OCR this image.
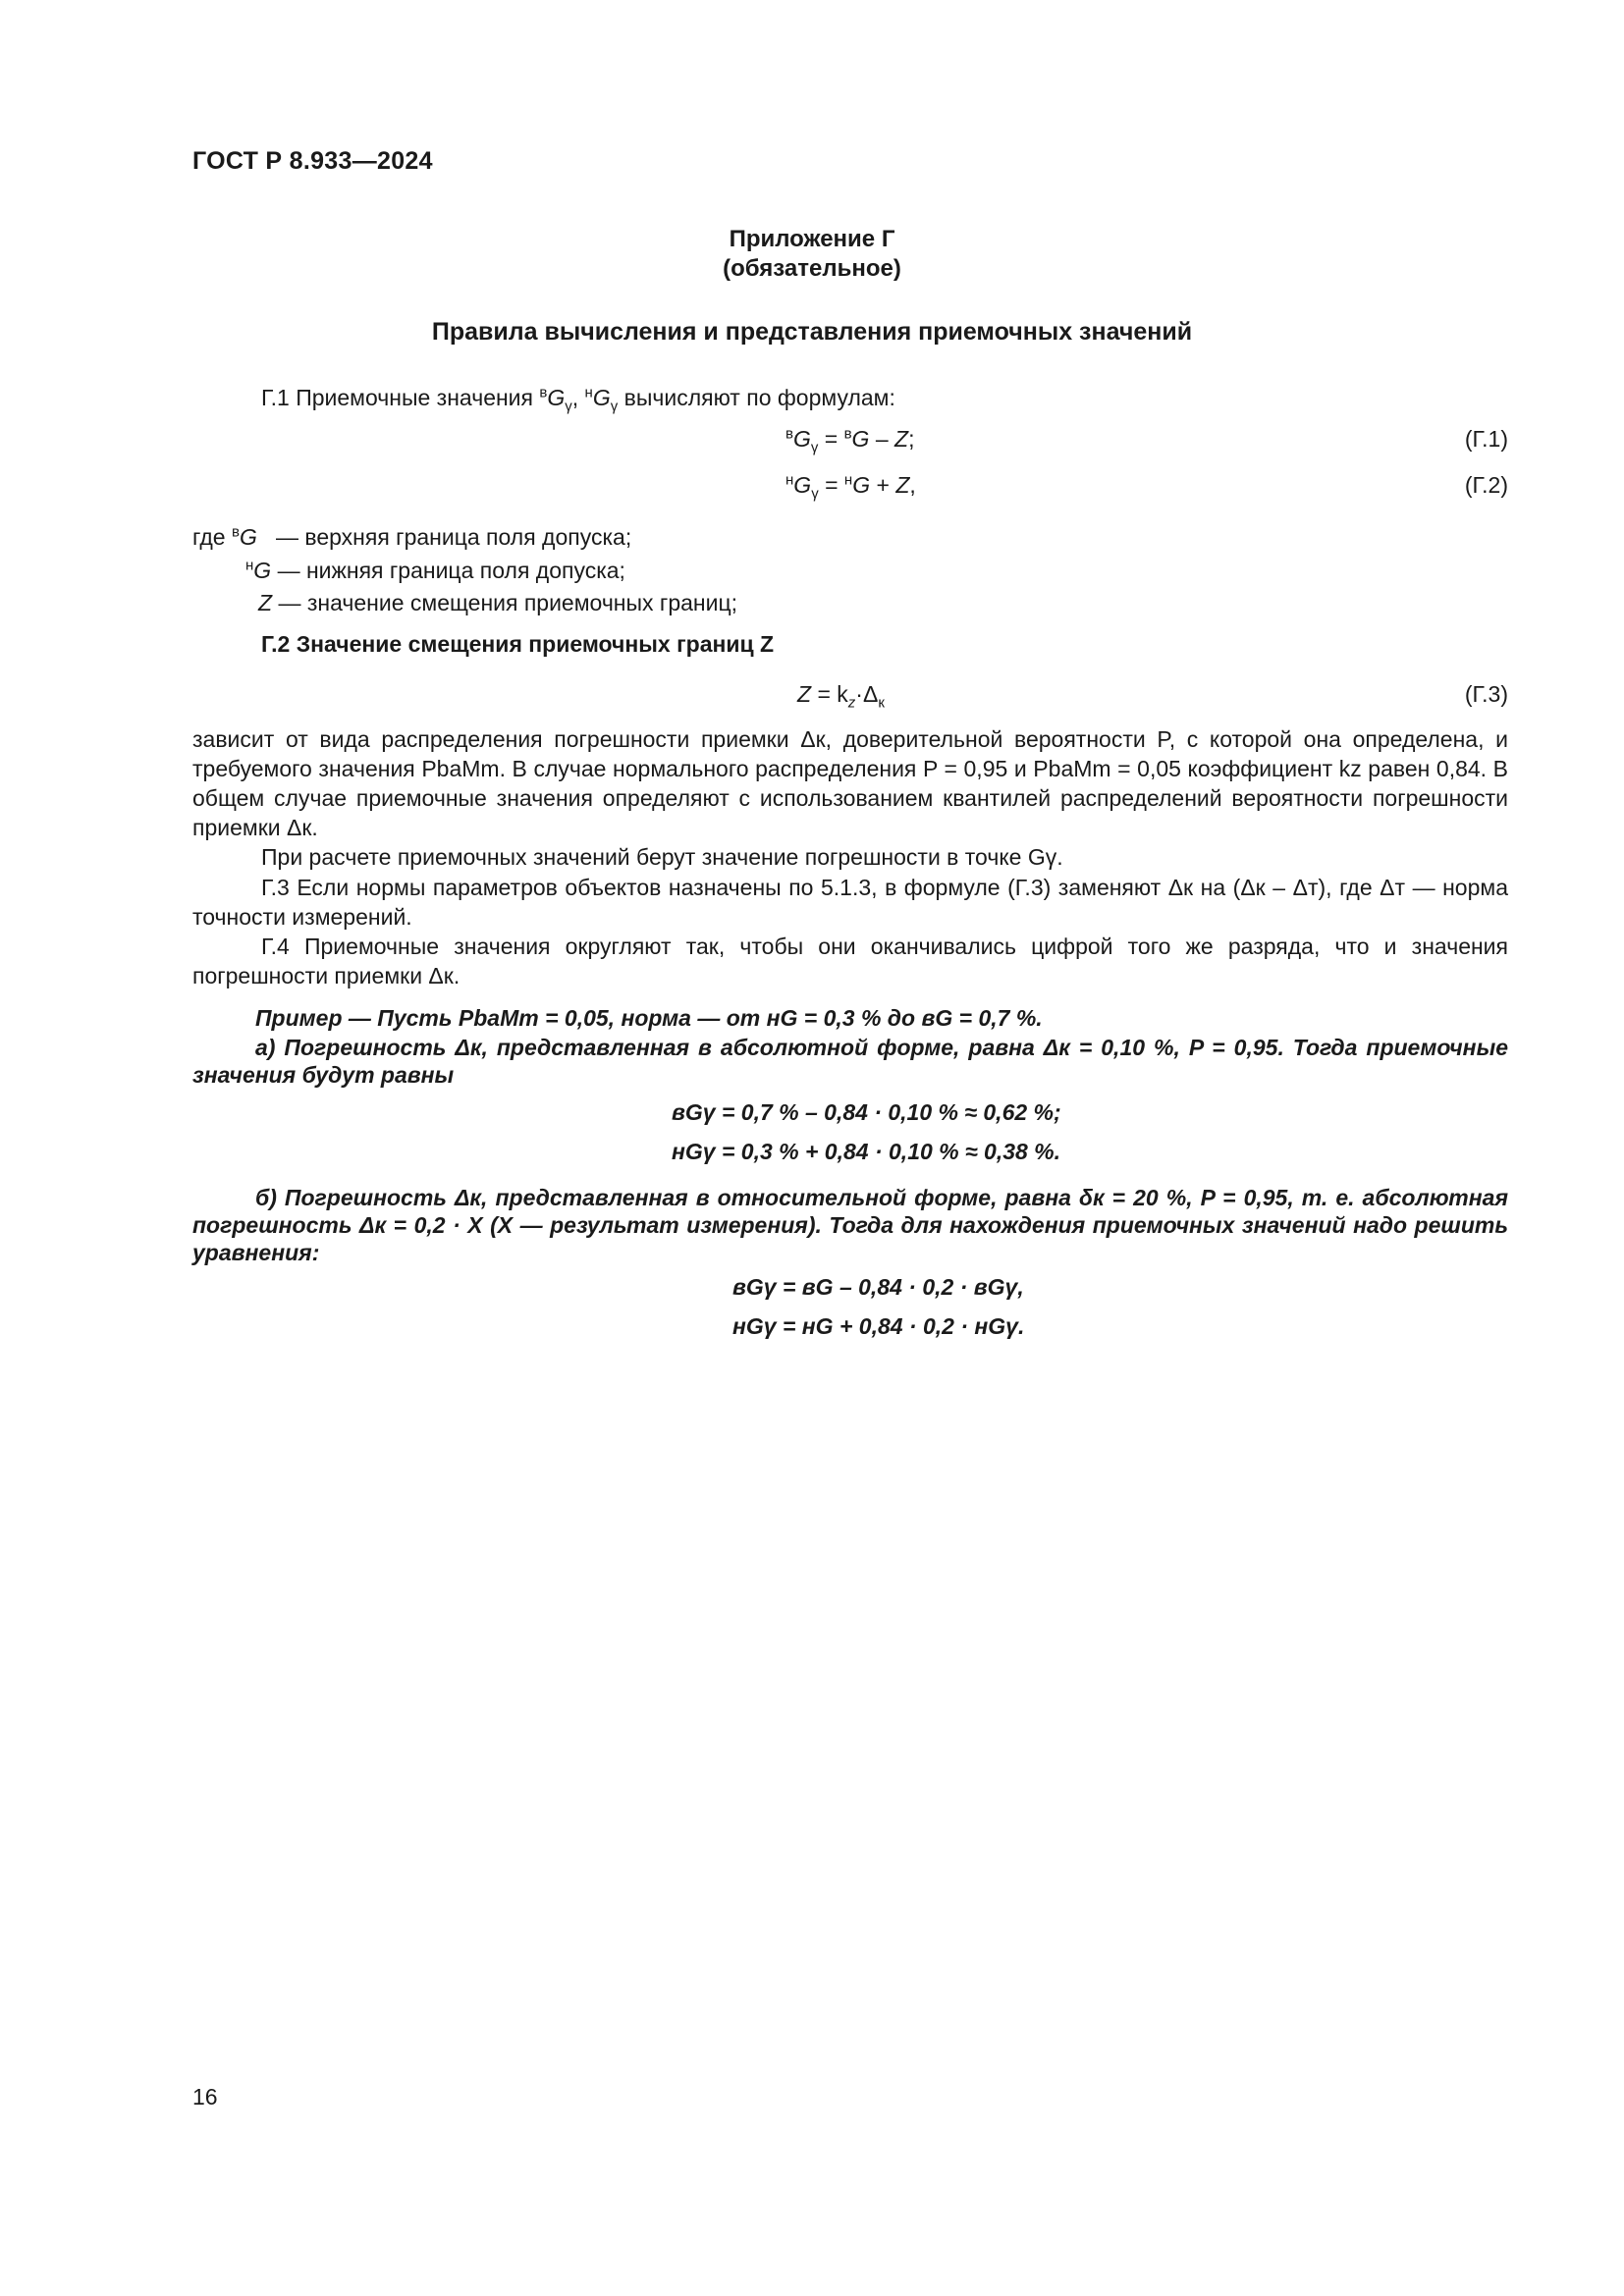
ГОСТ Р 8.933—2024
Приложение Г
(обязательное)
Правила вычисления и представления приемочных значений
Г.1 Приемочные значения $^вG_\gamma$, $^нG_\gamma$ вычисляют по формулам:
$^вG_\gamma = ^вG - Z$;	(Г.1)
$^нG_\gamma = ^нG + Z$,	(Г.2)
где $^в$G — верхняя граница поля допуска;
$^н$G — нижняя граница поля допуска;
Z — значение смещения приемочных границ;
Г.2 Значение смещения приемочных границ Z
$Z = k_z\cdot\Delta_к$	(Г.3)
зависит от вида распределения погрешности приемки Δк, доверительной вероятности P, с которой она определена, и требуемого значения PbaMm. В случае нормального распределения P = 0,95 и PbaMm = 0,05 коэффициент kz равен 0,84. В общем случае приемочные значения определяют с использованием квантилей распределений вероятности погрешности приемки Δк.
При расчете приемочных значений берут значение погрешности в точке Gγ.
Г.3 Если нормы параметров объектов назначены по 5.1.3, в формуле (Г.3) заменяют Δк на (Δк – Δт), где Δт — норма точности измерений.
Г.4 Приемочные значения округляют так, чтобы они оканчивались цифрой того же разряда, что и значения погрешности приемки Δк.
Пример — Пусть PbaMm = 0,05, норма — от нG = 0,3 % до вG = 0,7 %.
а) Погрешность Δк, представленная в абсолютной форме, равна Δк = 0,10 %, P = 0,95. Тогда приемочные значения будут равны
вGγ = 0,7 % – 0,84 · 0,10 % ≈ 0,62 %;
нGγ = 0,3 % + 0,84 · 0,10 % ≈ 0,38 %.
б) Погрешность Δк, представленная в относительной форме, равна δк = 20 %, P = 0,95, т. е. абсолютная погрешность Δк = 0,2 · X (X — результат измерения). Тогда для нахождения приемочных значений надо решить уравнения:
вGγ = вG – 0,84 · 0,2 · вGγ,
нGγ = нG + 0,84 · 0,2 · нGγ.
16
